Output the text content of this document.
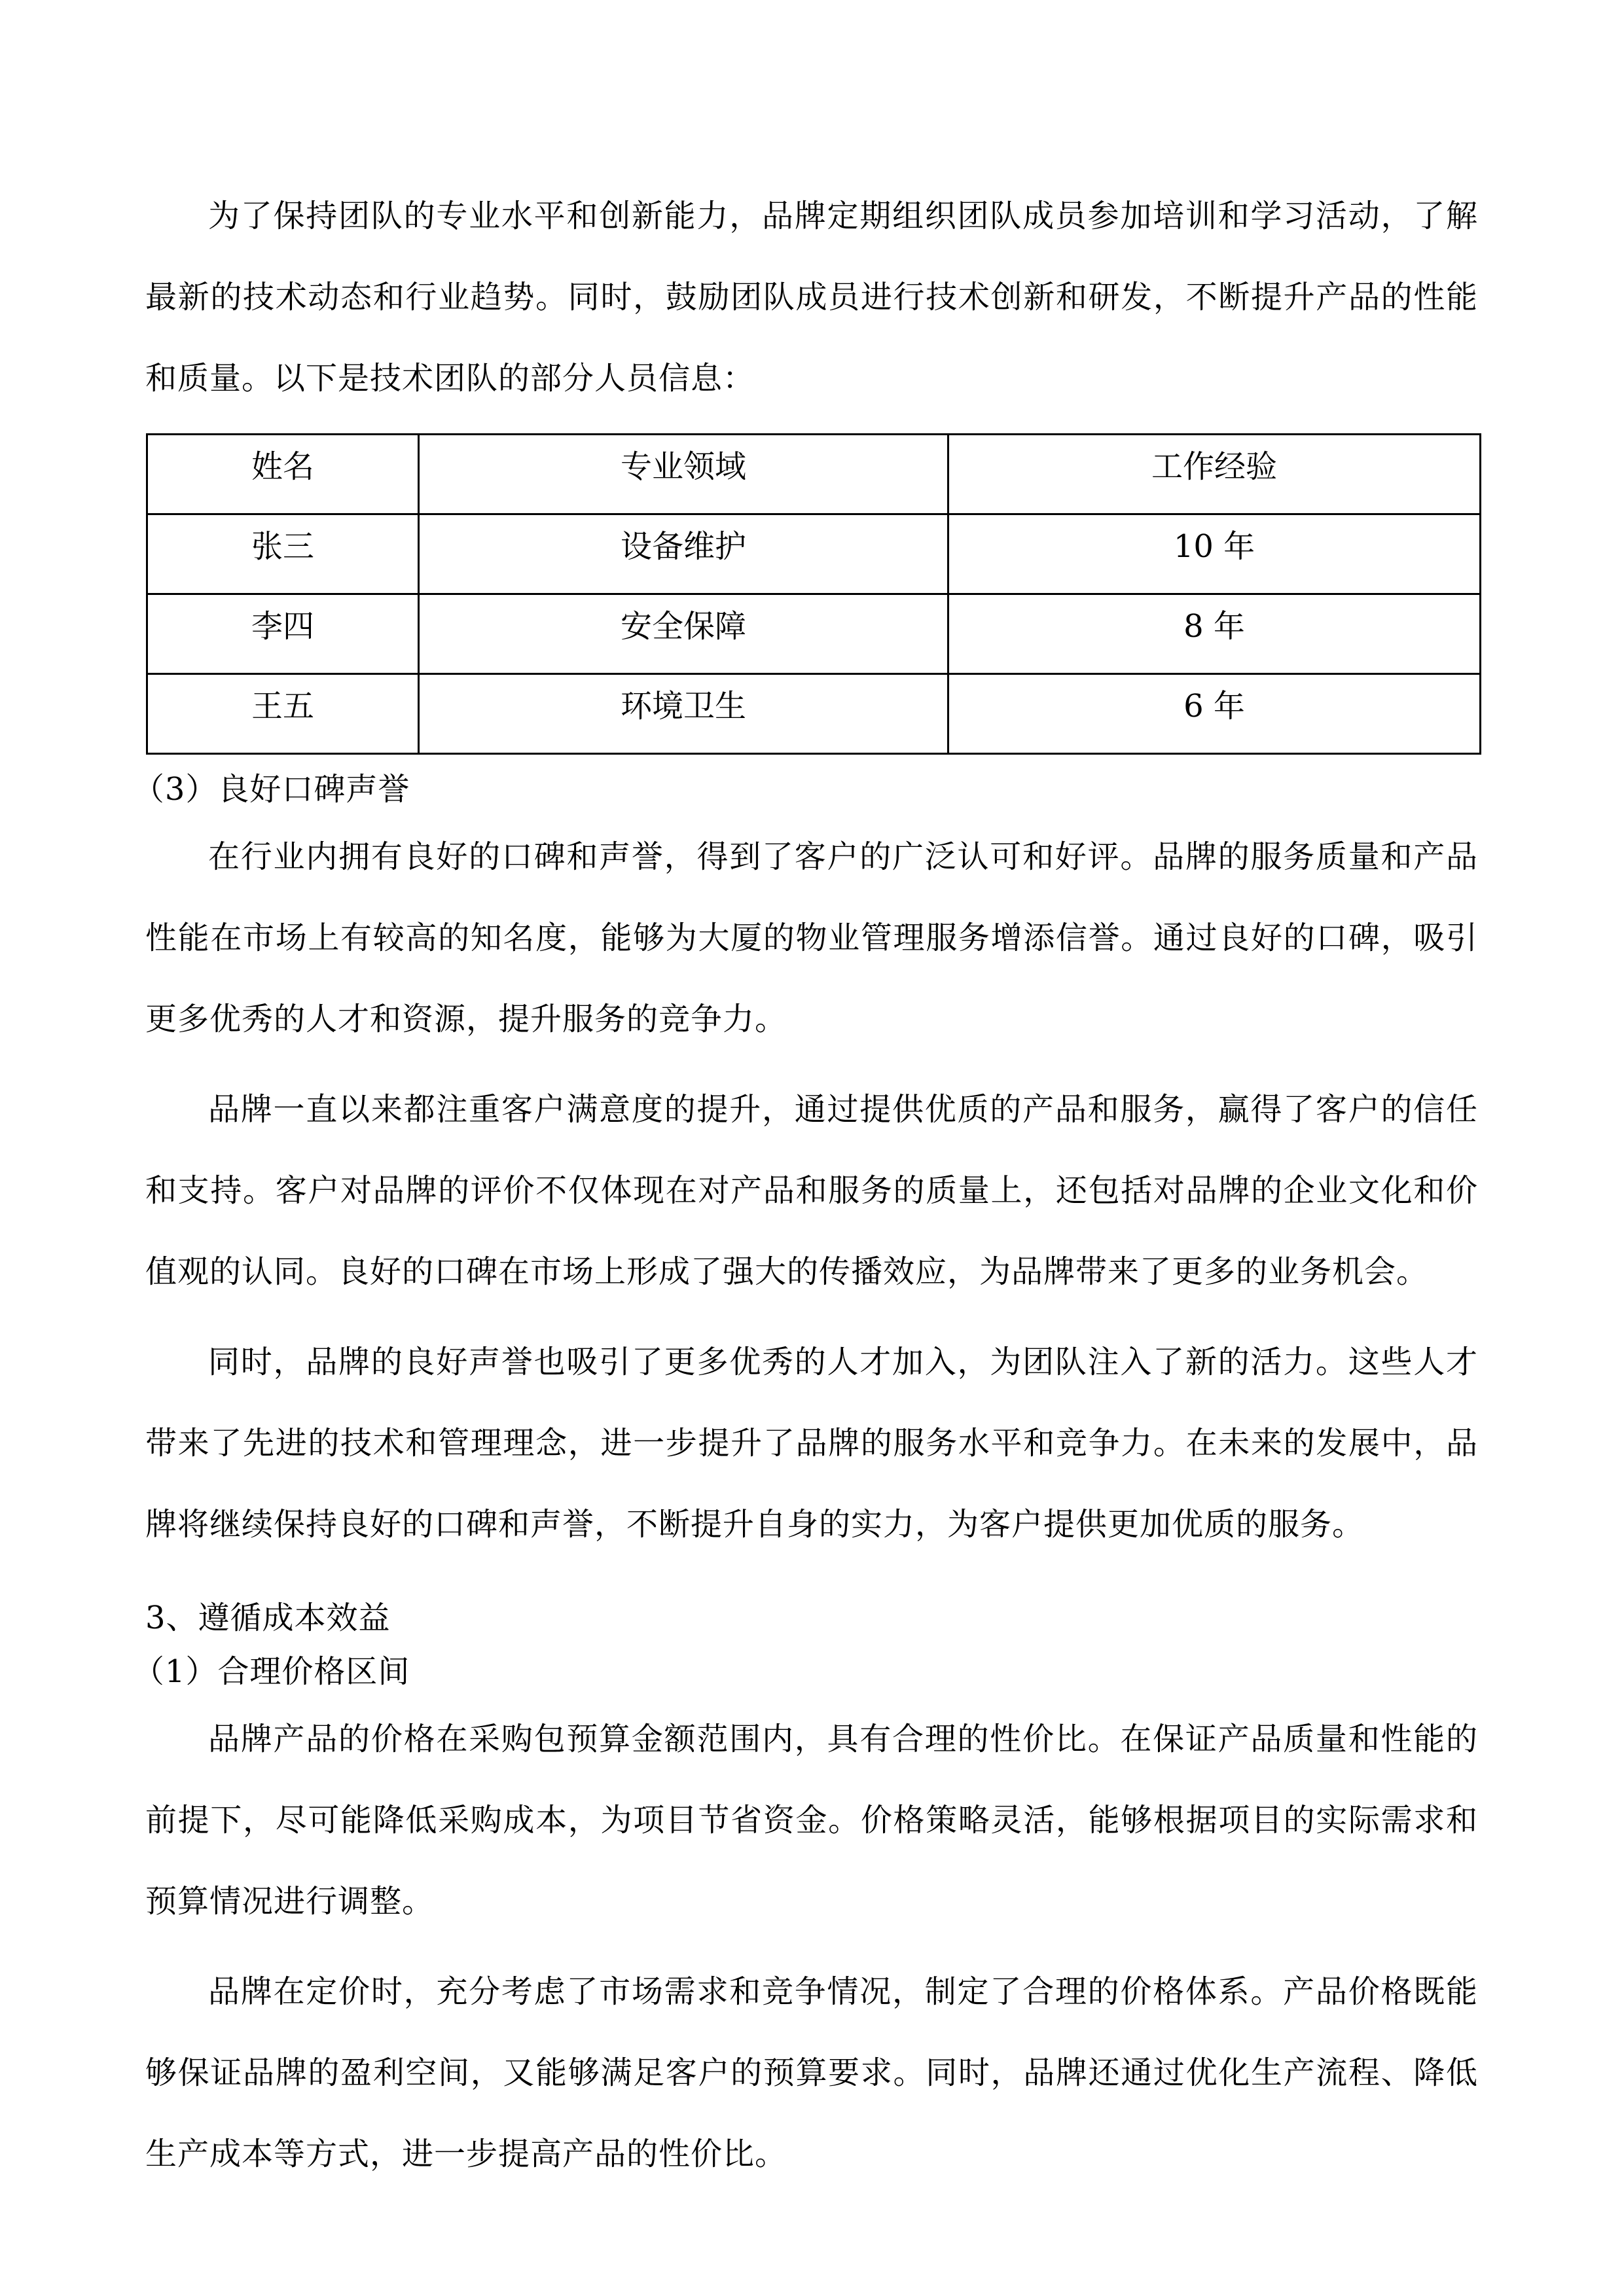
为了保持团队的专业水平和创新能力，品牌定期组织团队成员参加培训和学习活动，了解最新的技术动态和行业趋势。同时，鼓励团队成员进行技术创新和研发，不断提升产品的性能和质量。以下是技术团队的部分人员信息：

姓名	专业领域	工作经验
张三	设备维护	10 年
李四	安全保障	8 年
王五	环境卫生	6 年

（3）良好口碑声誉

在行业内拥有良好的口碑和声誉，得到了客户的广泛认可和好评。品牌的服务质量和产品性能在市场上有较高的知名度，能够为大厦的物业管理服务增添信誉。通过良好的口碑，吸引更多优秀的人才和资源，提升服务的竞争力。

品牌一直以来都注重客户满意度的提升，通过提供优质的产品和服务，赢得了客户的信任和支持。客户对品牌的评价不仅体现在对产品和服务的质量上，还包括对品牌的企业文化和价值观的认同。良好的口碑在市场上形成了强大的传播效应，为品牌带来了更多的业务机会。

同时，品牌的良好声誉也吸引了更多优秀的人才加入，为团队注入了新的活力。这些人才带来了先进的技术和管理理念，进一步提升了品牌的服务水平和竞争力。在未来的发展中，品牌将继续保持良好的口碑和声誉，不断提升自身的实力，为客户提供更加优质的服务。

3、遵循成本效益

（1）合理价格区间

品牌产品的价格在采购包预算金额范围内，具有合理的性价比。在保证产品质量和性能的前提下，尽可能降低采购成本，为项目节省资金。价格策略灵活，能够根据项目的实际需求和预算情况进行调整。

品牌在定价时，充分考虑了市场需求和竞争情况，制定了合理的价格体系。产品价格既能够保证品牌的盈利空间，又能够满足客户的预算要求。同时，品牌还通过优化生产流程、降低生产成本等方式，进一步提高产品的性价比。
